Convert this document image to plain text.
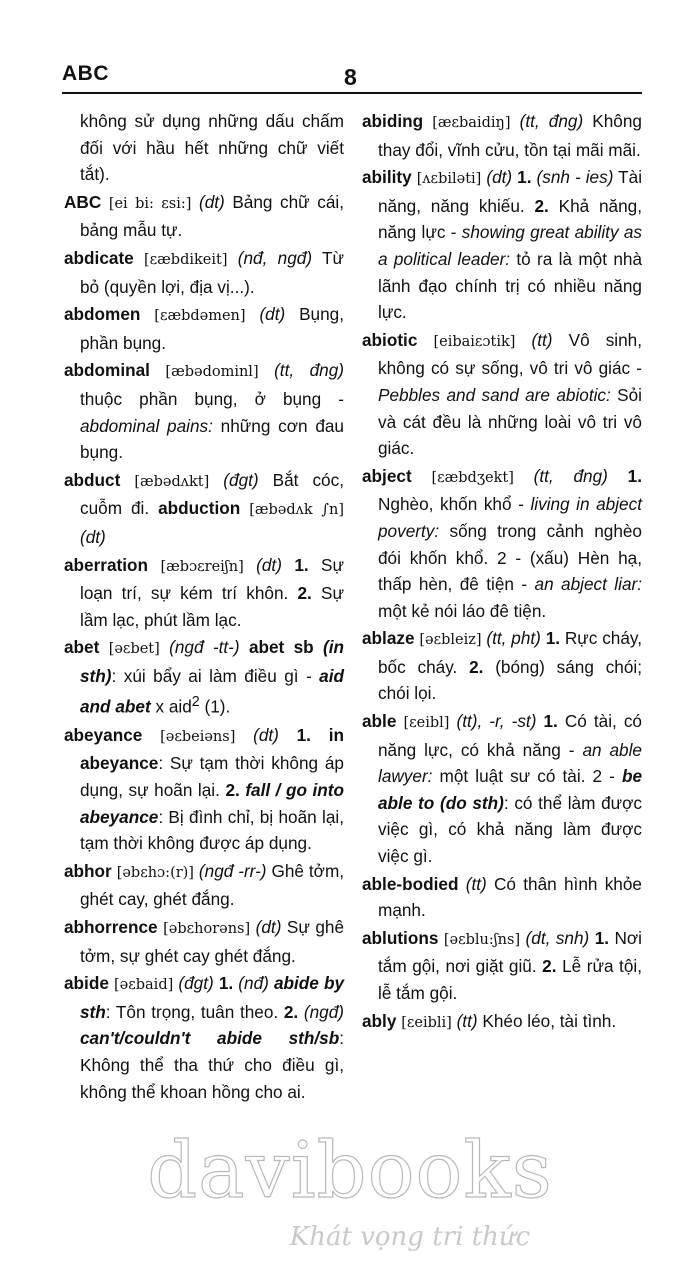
ABC	8

không sử dụng những dấu chấm đối với hầu hết những chữ viết tắt).

ABC [ei bi: εsi:] (dt) Bảng chữ cái, bảng mẫu tự.

abdicate [εæbdikeit] (nđ, ngđ) Từ bỏ (quyền lợi, địa vị...).

abdomen [εæbdəmen] (dt) Bụng, phần bụng.

abdominal [æbədominl] (tt, đng) thuộc phần bụng, ở bụng - abdominal pains: những cơn đau bụng.

abduct [æbədʌkt] (đgt) Bắt cóc, cuỗm đi. abduction [æbədʌk ∫n] (dt)

aberration [æbɔεreiʃn] (dt) 1. Sự loạn trí, sự kém trí khôn. 2. Sự lầm lạc, phút lầm lạc.

abet [əεbet] (ngđ -tt-) abet sb (in sth): xúi bẩy ai làm điều gì - aid and abet x aid$^2$ (1).

abeyance [əεbeiəns] (dt) 1. in abeyance: Sự tạm thời không áp dụng, sự hoãn lại. 2. fall / go into abeyance: Bị đình chỉ, bị hoãn lại, tạm thời không được áp dụng.

abhor [əbεhɔ:(r)] (ngđ -rr-) Ghê tởm, ghét cay, ghét đắng.

abhorrence [əbεhorəns] (dt) Sự ghê tởm, sự ghét cay ghét đắng.

abide [əεbaid] (đgt) 1. (nđ) abide by sth: Tôn trọng, tuân theo. 2. (ngđ) can't/couldn't abide sth/sb: Không thể tha thứ cho điều gì, không thể khoan hồng cho ai.

abiding [æεbaidiŋ] (tt, đng) Không thay đổi, vĩnh cửu, tồn tại mãi mãi.

ability [ʌεbiləti] (dt) 1. (snh - ies) Tài năng, năng khiếu. 2. Khả năng, năng lực - showing great ability as a political leader: tỏ ra là một nhà lãnh đạo chính trị có nhiều năng lực.

abiotic [eibaiεɔtik] (tt) Vô sinh, không có sự sống, vô tri vô giác - Pebbles and sand are abiotic: Sỏi và cát đều là những loài vô tri vô giác.

abject [εæbdʒekt] (tt, đng) 1. Nghèo, khốn khổ - living in abject poverty: sống trong cảnh nghèo đói khốn khổ. 2 - (xấu) Hèn hạ, thấp hèn, đê tiện - an abject liar: một kẻ nói láo đê tiện.

ablaze [əεbleiz] (tt, pht) 1. Rực cháy, bốc cháy. 2. (bóng) sáng chói; chói lọi.

able [εeibl] (tt), -r, -st) 1. Có tài, có năng lực, có khả năng - an able lawyer: một luật sư có tài. 2 - be able to (do sth): có thể làm được việc gì, có khả năng làm được việc gì.

able-bodied (tt) Có thân hình khỏe mạnh.

ablutions [əεblu:ʃns] (dt, snh) 1. Nơi tắm gội, nơi giặt giũ. 2. Lễ rửa tội, lễ tắm gội.

ably [εeibli] (tt) Khéo léo, tài tình.

davibooks
Khát vọng tri thức
